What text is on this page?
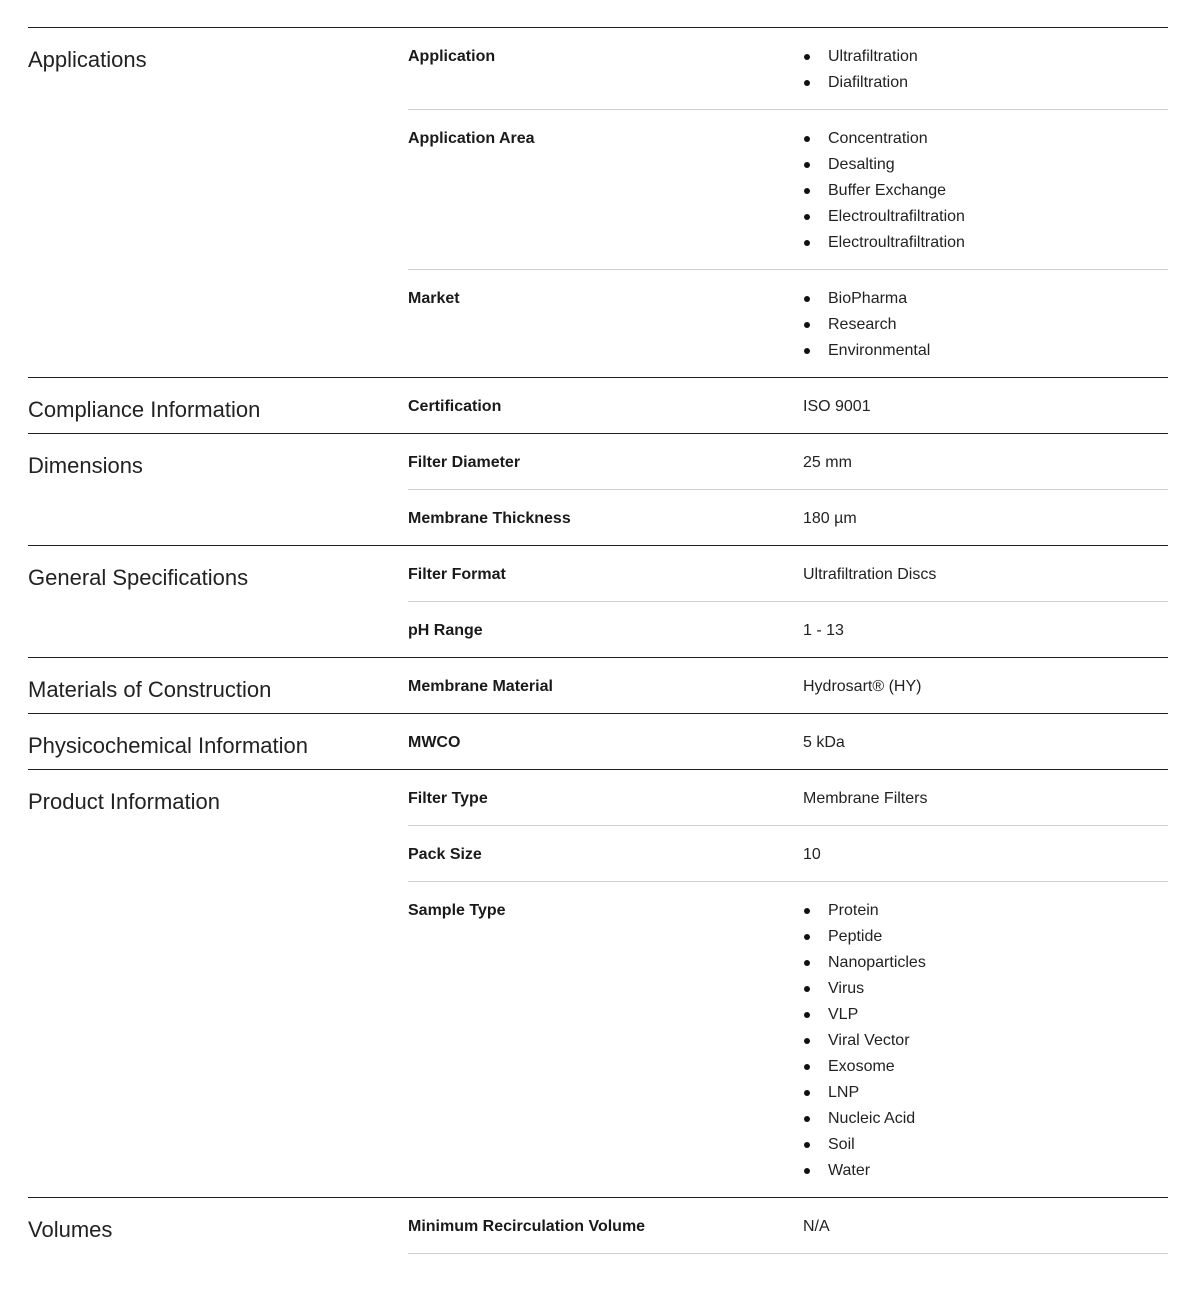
Applications	Application	Ultrafiltration
Diafiltration
Application Area	Concentration
Desalting
Buffer Exchange
Electroultrafiltration
Electroultrafiltration
Market	BioPharma
Research
Environmental
Compliance Information	Certification	ISO 9001
Dimensions	Filter Diameter	25 mm
Membrane Thickness	180 µm
General Specifications	Filter Format	Ultrafiltration Discs
pH Range	1 - 13
Materials of Construction	Membrane Material	Hydrosart® (HY)
Physicochemical Information	MWCO	5 kDa
Product Information	Filter Type	Membrane Filters
Pack Size	10
Sample Type	Protein
Peptide
Nanoparticles
Virus
VLP
Viral Vector
Exosome
LNP
Nucleic Acid
Soil
Water
Volumes	Minimum Recirculation Volume	N/A
